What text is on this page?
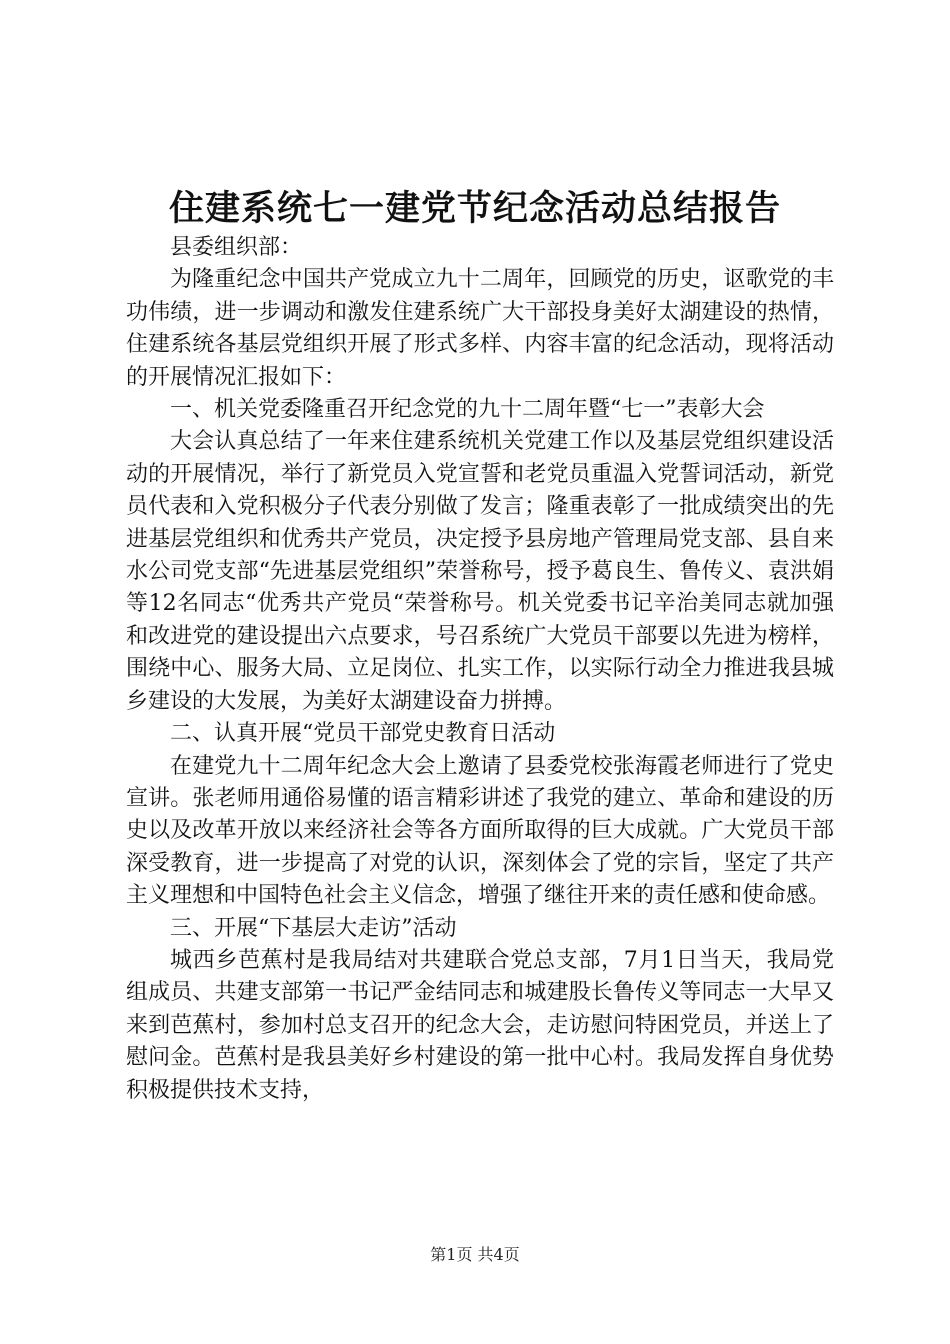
住建系统七一建党节纪念活动总结报告

县委组织部：

为隆重纪念中国共产党成立九十二周年，回顾党的历史，讴歌党的丰功伟绩，进一步调动和激发住建系统广大干部投身美好太湖建设的热情，住建系统各基层党组织开展了形式多样、内容丰富的纪念活动，现将活动的开展情况汇报如下：

一、机关党委隆重召开纪念党的九十二周年暨“七一”表彰大会

大会认真总结了一年来住建系统机关党建工作以及基层党组织建设活动的开展情况，举行了新党员入党宣誓和老党员重温入党誓词活动，新党员代表和入党积极分子代表分别做了发言；隆重表彰了一批成绩突出的先进基层党组织和优秀共产党员，决定授予县房地产管理局党支部、县自来水公司党支部“先进基层党组织”荣誉称号，授予葛良生、鲁传义、袁洪娟等12名同志“优秀共产党员“荣誉称号。机关党委书记辛治美同志就加强和改进党的建设提出六点要求，号召系统广大党员干部要以先进为榜样，围绕中心、服务大局、立足岗位、扎实工作，以实际行动全力推进我县城乡建设的大发展，为美好太湖建设奋力拼搏。

二、认真开展“党员干部党史教育日活动

在建党九十二周年纪念大会上邀请了县委党校张海霞老师进行了党史宣讲。张老师用通俗易懂的语言精彩讲述了我党的建立、革命和建设的历史以及改革开放以来经济社会等各方面所取得的巨大成就。广大党员干部深受教育，进一步提高了对党的认识，深刻体会了党的宗旨，坚定了共产主义理想和中国特色社会主义信念，增强了继往开来的责任感和使命感。

三、开展“下基层大走访”活动

城西乡芭蕉村是我局结对共建联合党总支部，7月1日当天，我局党组成员、共建支部第一书记严金结同志和城建股长鲁传义等同志一大早又来到芭蕉村，参加村总支召开的纪念大会，走访慰问特困党员，并送上了慰问金。芭蕉村是我县美好乡村建设的第一批中心村。我局发挥自身优势积极提供技术支持，

第1页 共4页
